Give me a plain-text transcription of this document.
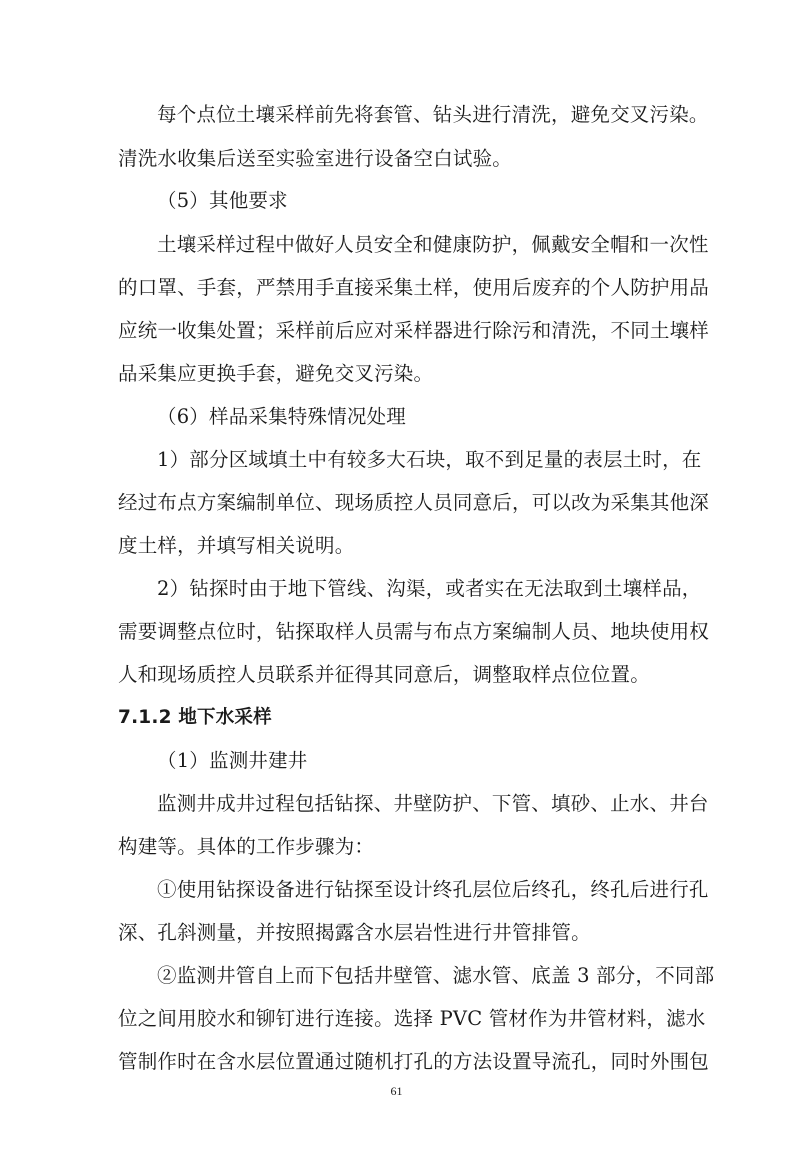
每个点位土壤采样前先将套管、钻头进行清洗，避免交叉污染。
清洗水收集后送至实验室进行设备空白试验。
（5）其他要求
土壤采样过程中做好人员安全和健康防护，佩戴安全帽和一次性
的口罩、手套，严禁用手直接采集土样，使用后废弃的个人防护用品
应统一收集处置；采样前后应对采样器进行除污和清洗，不同土壤样
品采集应更换手套，避免交叉污染。
（6）样品采集特殊情况处理
1）部分区域填土中有较多大石块，取不到足量的表层土时，在
经过布点方案编制单位、现场质控人员同意后，可以改为采集其他深
度土样，并填写相关说明。
2）钻探时由于地下管线、沟渠，或者实在无法取到土壤样品，
需要调整点位时，钻探取样人员需与布点方案编制人员、地块使用权
人和现场质控人员联系并征得其同意后，调整取样点位位置。
7.1.2 地下水采样
（1）监测井建井
监测井成井过程包括钻探、井壁防护、下管、填砂、止水、井台
构建等。具体的工作步骤为：
①使用钻探设备进行钻探至设计终孔层位后终孔，终孔后进行孔
深、孔斜测量，并按照揭露含水层岩性进行井管排管。
②监测井管自上而下包括井壁管、滤水管、底盖 3 部分，不同部
位之间用胶水和铆钉进行连接。选择 PVC 管材作为井管材料，滤水
管制作时在含水层位置通过随机打孔的方法设置导流孔，同时外围包
61
